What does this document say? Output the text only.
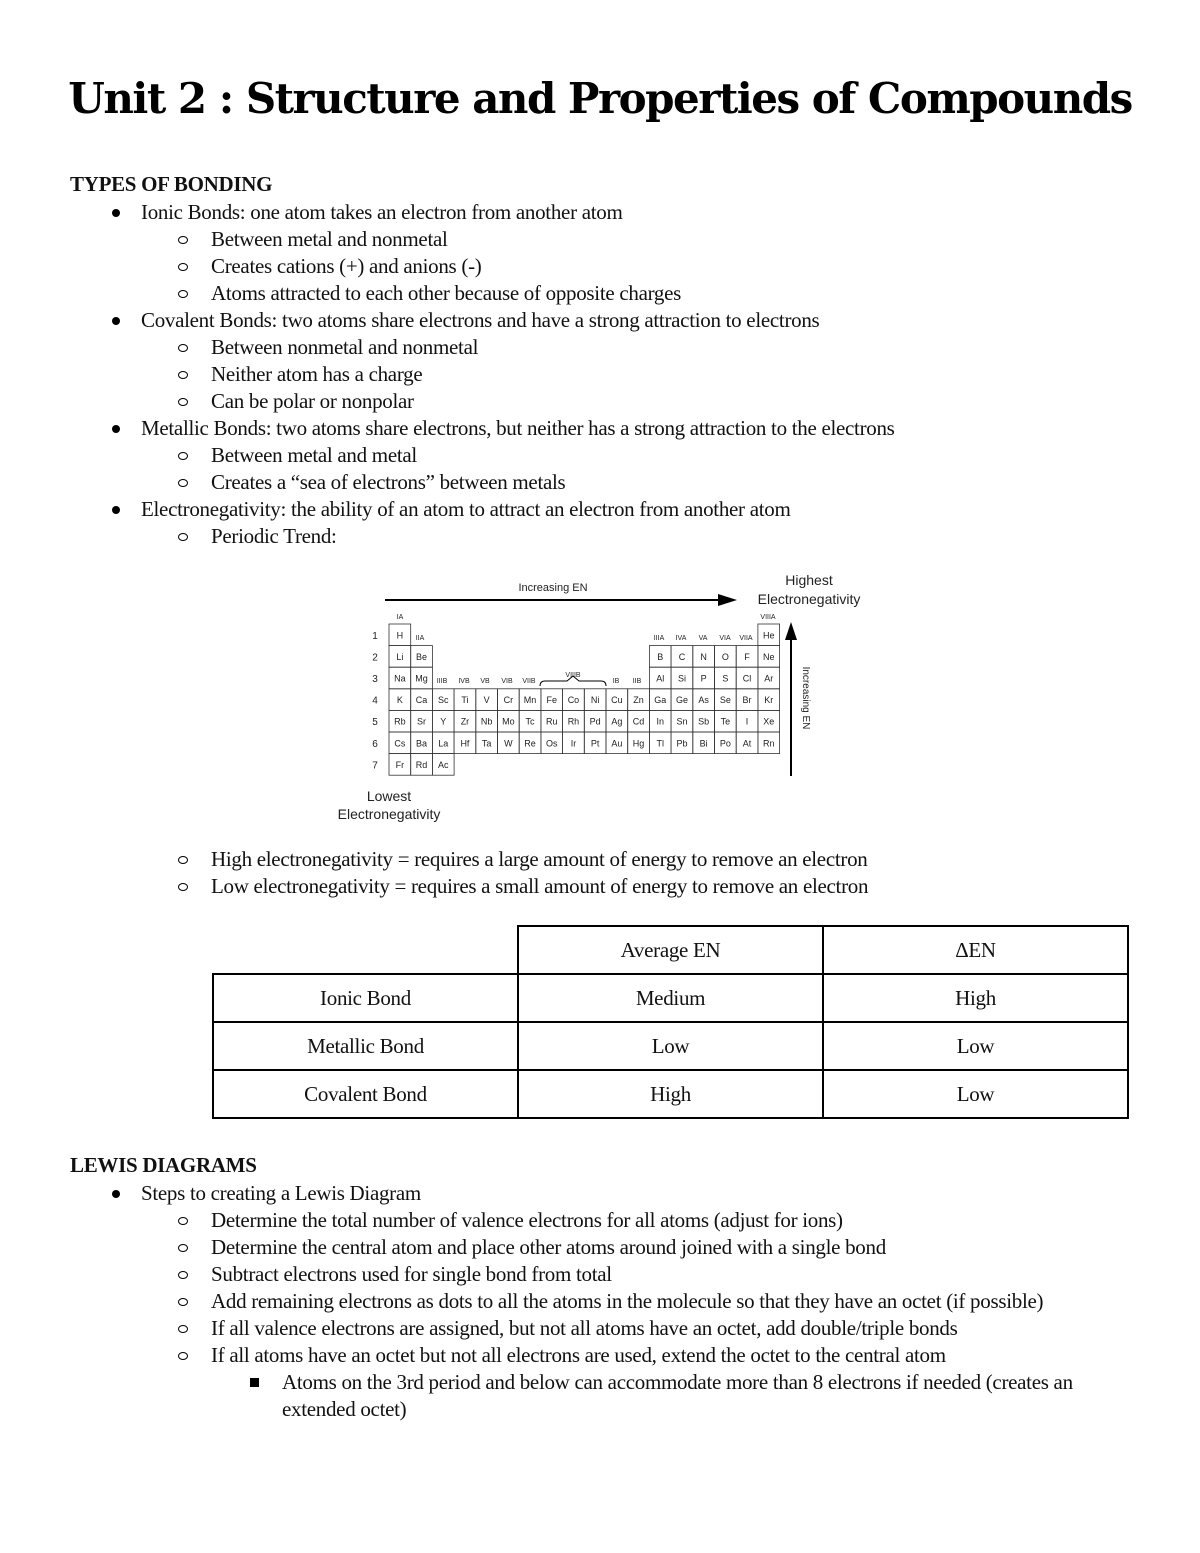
Unit 2 : Structure and Properties of Compounds
TYPES OF BONDING
Ionic Bonds: one atom takes an electron from another atom
Between metal and nonmetal
Creates cations (+) and anions (-)
Atoms attracted to each other because of opposite charges
Covalent Bonds: two atoms share electrons and have a strong attraction to electrons
Between nonmetal and nonmetal
Neither atom has a charge
Can be polar or nonpolar
Metallic Bonds: two atoms share electrons, but neither has a strong attraction to the electrons
Between metal and metal
Creates a “sea of electrons” between metals
Electronegativity: the ability of an atom to attract an electron from another atom
Periodic Trend:
Increasing EN	Highest
Electronegativity
Lowest
Electronegativity
Increasing EN
IA
IIA
VIIIA
IIIA IVA VA VIA VIIA
IIIB IVB VB VIB VIIB
VIIIB
IB IIB
1 H	He
2 Li Be	B C N O F Ne
3 Na Mg	Al Si P S Cl Ar
4 K Ca Sc Ti V Cr Mn Fe Co Ni Cu Zn Ga Ge As Se Br Kr
5 Rb Sr Y Zr Nb Mo Tc Ru Rh Pd Ag Cd In Sn Sb Te I Xe
6 Cs Ba La Hf Ta W Re Os Ir Pt Au Hg Tl Pb Bi Po At Rn
7 Fr Rd Ac
High electronegativity = requires a large amount of energy to remove an electron
Low electronegativity = requires a small amount of energy to remove an electron
	Average EN	ΔEN
Ionic Bond	Medium	High
Metallic Bond	Low	Low
Covalent Bond	High	Low
LEWIS DIAGRAMS
Steps to creating a Lewis Diagram
Determine the total number of valence electrons for all atoms (adjust for ions)
Determine the central atom and place other atoms around joined with a single bond
Subtract electrons used for single bond from total
Add remaining electrons as dots to all the atoms in the molecule so that they have an octet (if possible)
If all valence electrons are assigned, but not all atoms have an octet, add double/triple bonds
If all atoms have an octet but not all electrons are used, extend the octet to the central atom
Atoms on the 3rd period and below can accommodate more than 8 electrons if needed (creates an extended octet)
